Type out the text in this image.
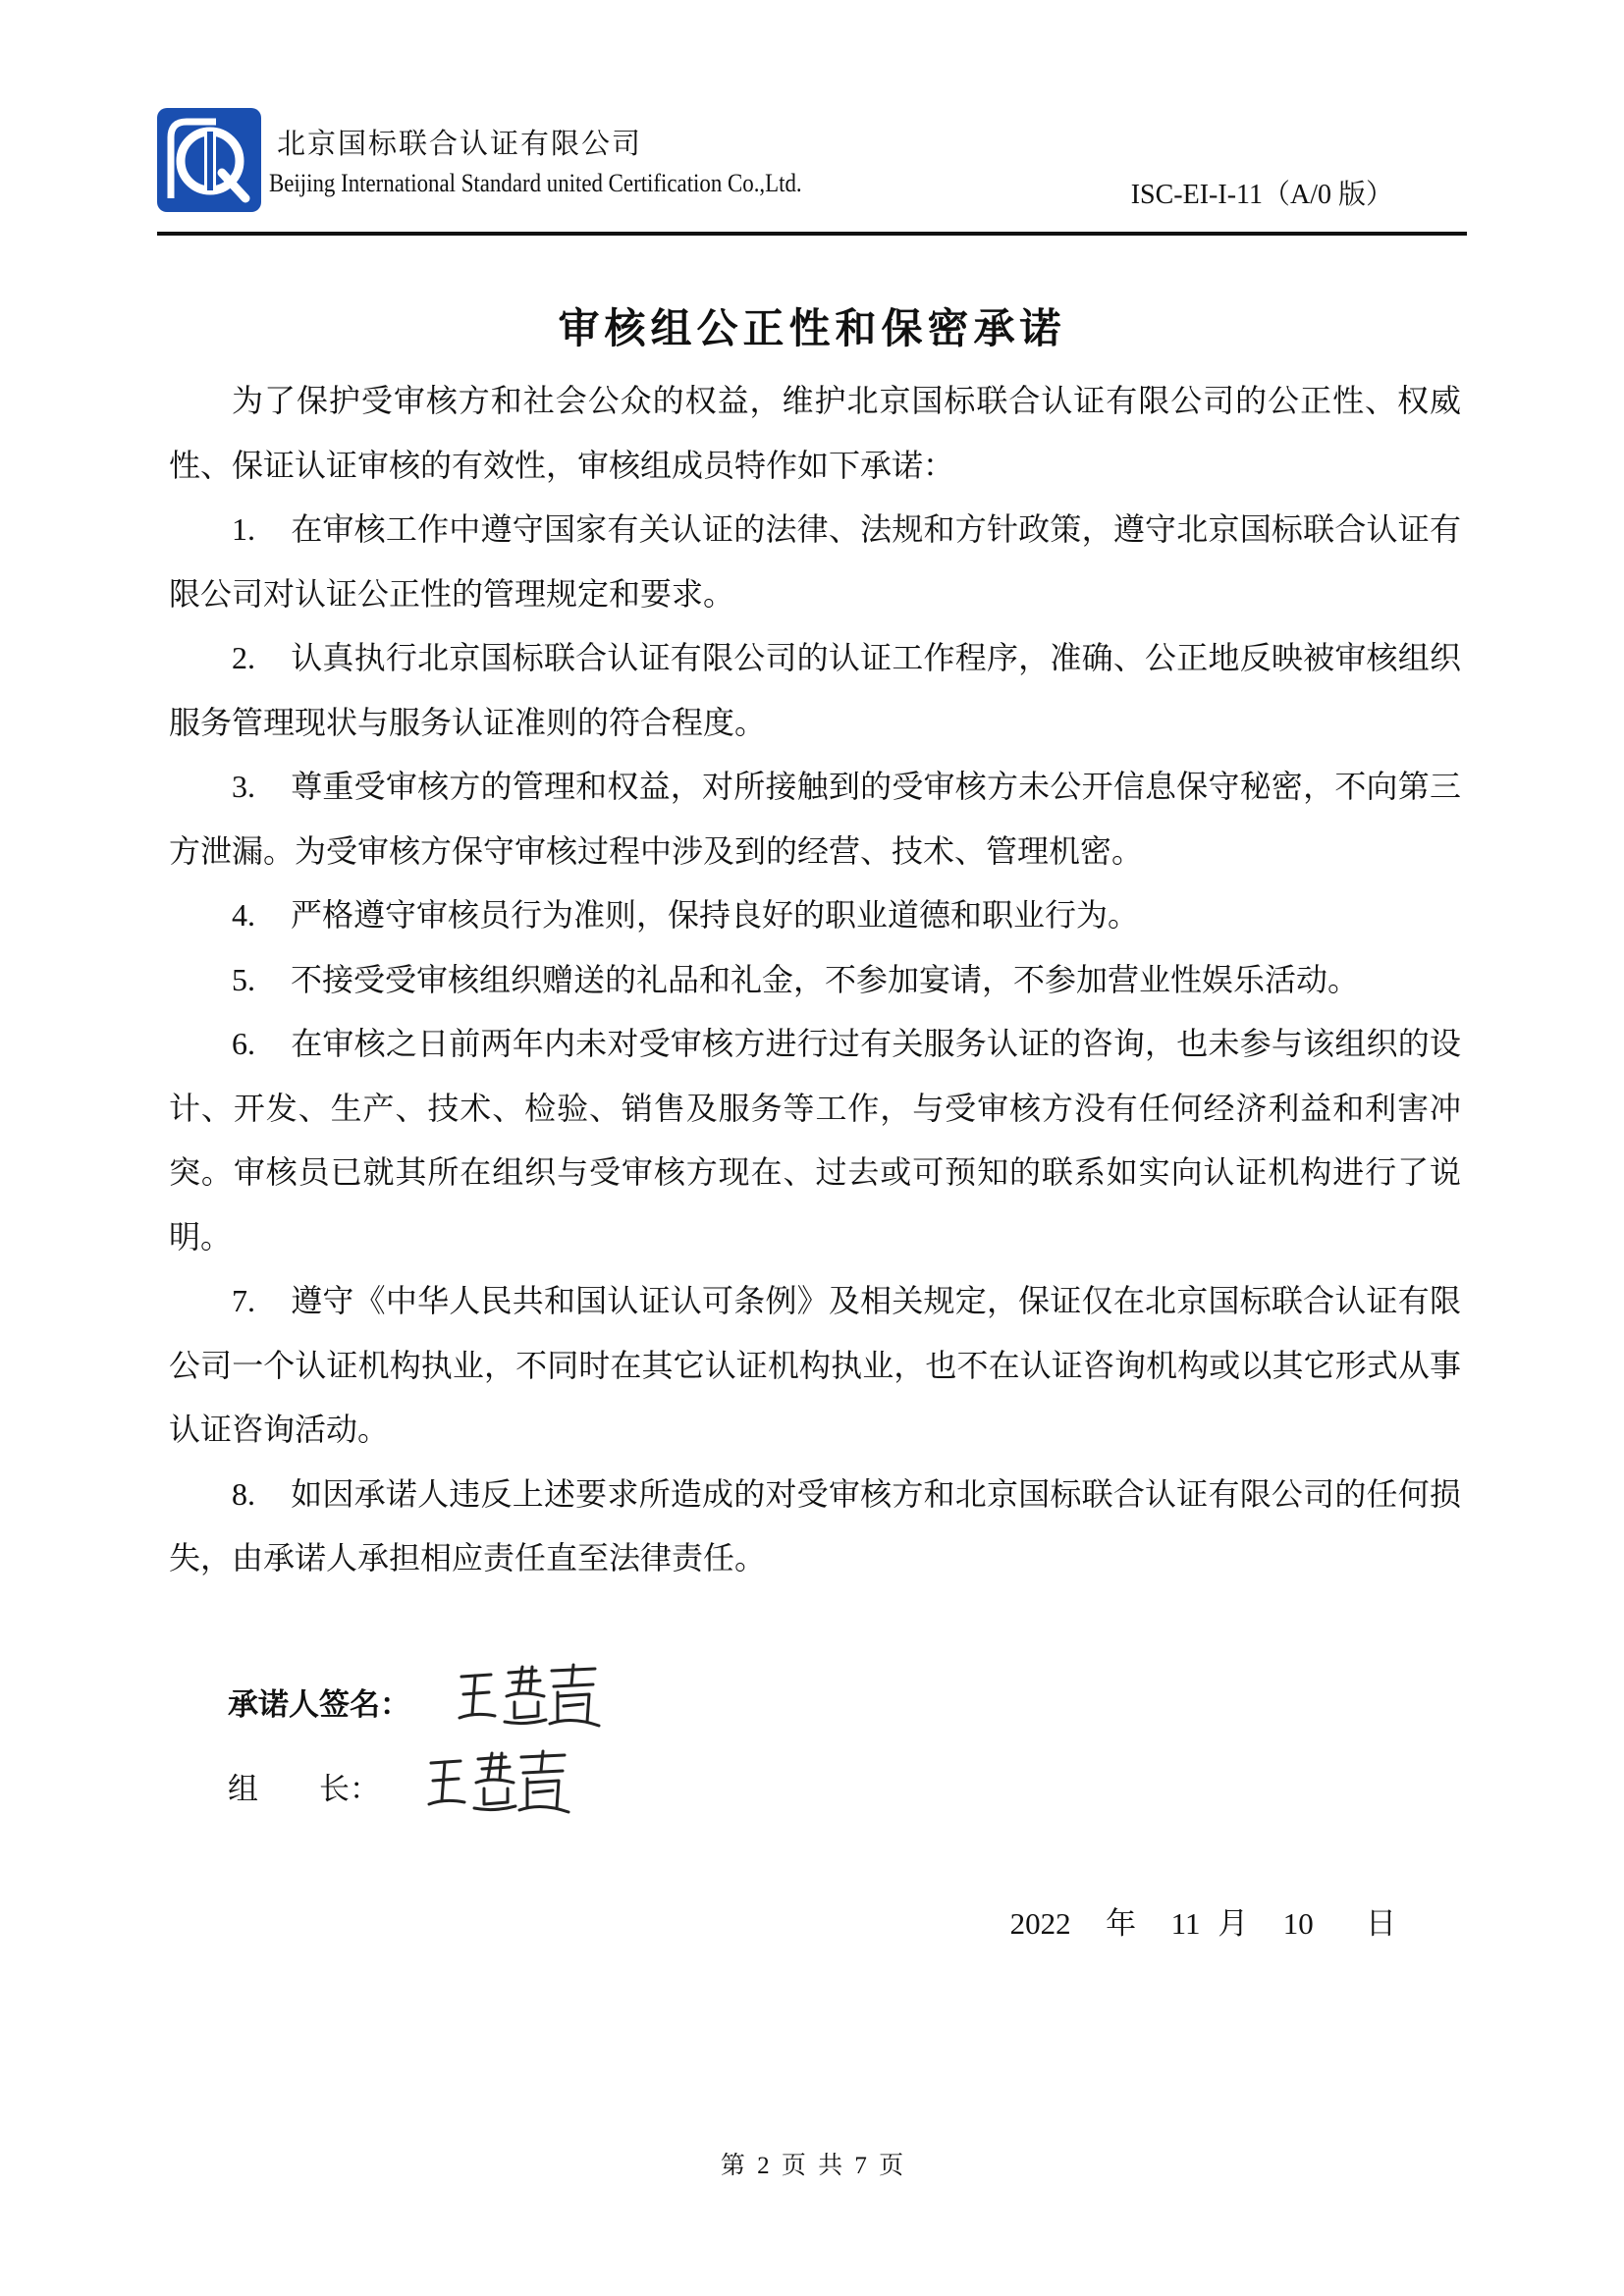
北京国标联合认证有限公司
Beijing International Standard united Certification Co.,Ltd.	ISC-EI-I-11（A/0 版）
审核组公正性和保密承诺

为了保护受审核方和社会公众的权益，维护北京国标联合认证有限公司的公正性、权威性、保证认证审核的有效性，审核组成员特作如下承诺：

1. 在审核工作中遵守国家有关认证的法律、法规和方针政策，遵守北京国标联合认证有限公司对认证公正性的管理规定和要求。

2. 认真执行北京国标联合认证有限公司的认证工作程序，准确、公正地反映被审核组织服务管理现状与服务认证准则的符合程度。

3. 尊重受审核方的管理和权益，对所接触到的受审核方未公开信息保守秘密，不向第三方泄漏。为受审核方保守审核过程中涉及到的经营、技术、管理机密。

4. 严格遵守审核员行为准则，保持良好的职业道德和职业行为。

5. 不接受受审核组织赠送的礼品和礼金，不参加宴请，不参加营业性娱乐活动。

6. 在审核之日前两年内未对受审核方进行过有关服务认证的咨询，也未参与该组织的设计、开发、生产、技术、检验、销售及服务等工作，与受审核方没有任何经济利益和利害冲突。审核员已就其所在组织与受审核方现在、过去或可预知的联系如实向认证机构进行了说明。

7. 遵守《中华人民共和国认证认可条例》及相关规定，保证仅在北京国标联合认证有限公司一个认证机构执业，不同时在其它认证机构执业，也不在认证咨询机构或以其它形式从事认证咨询活动。

8. 如因承诺人违反上述要求所造成的对受审核方和北京国标联合认证有限公司的任何损失，由承诺人承担相应责任直至法律责任。

承诺人签名：
组　　长：
2022  年  11 月  10   日
第 2 页 共 7 页
